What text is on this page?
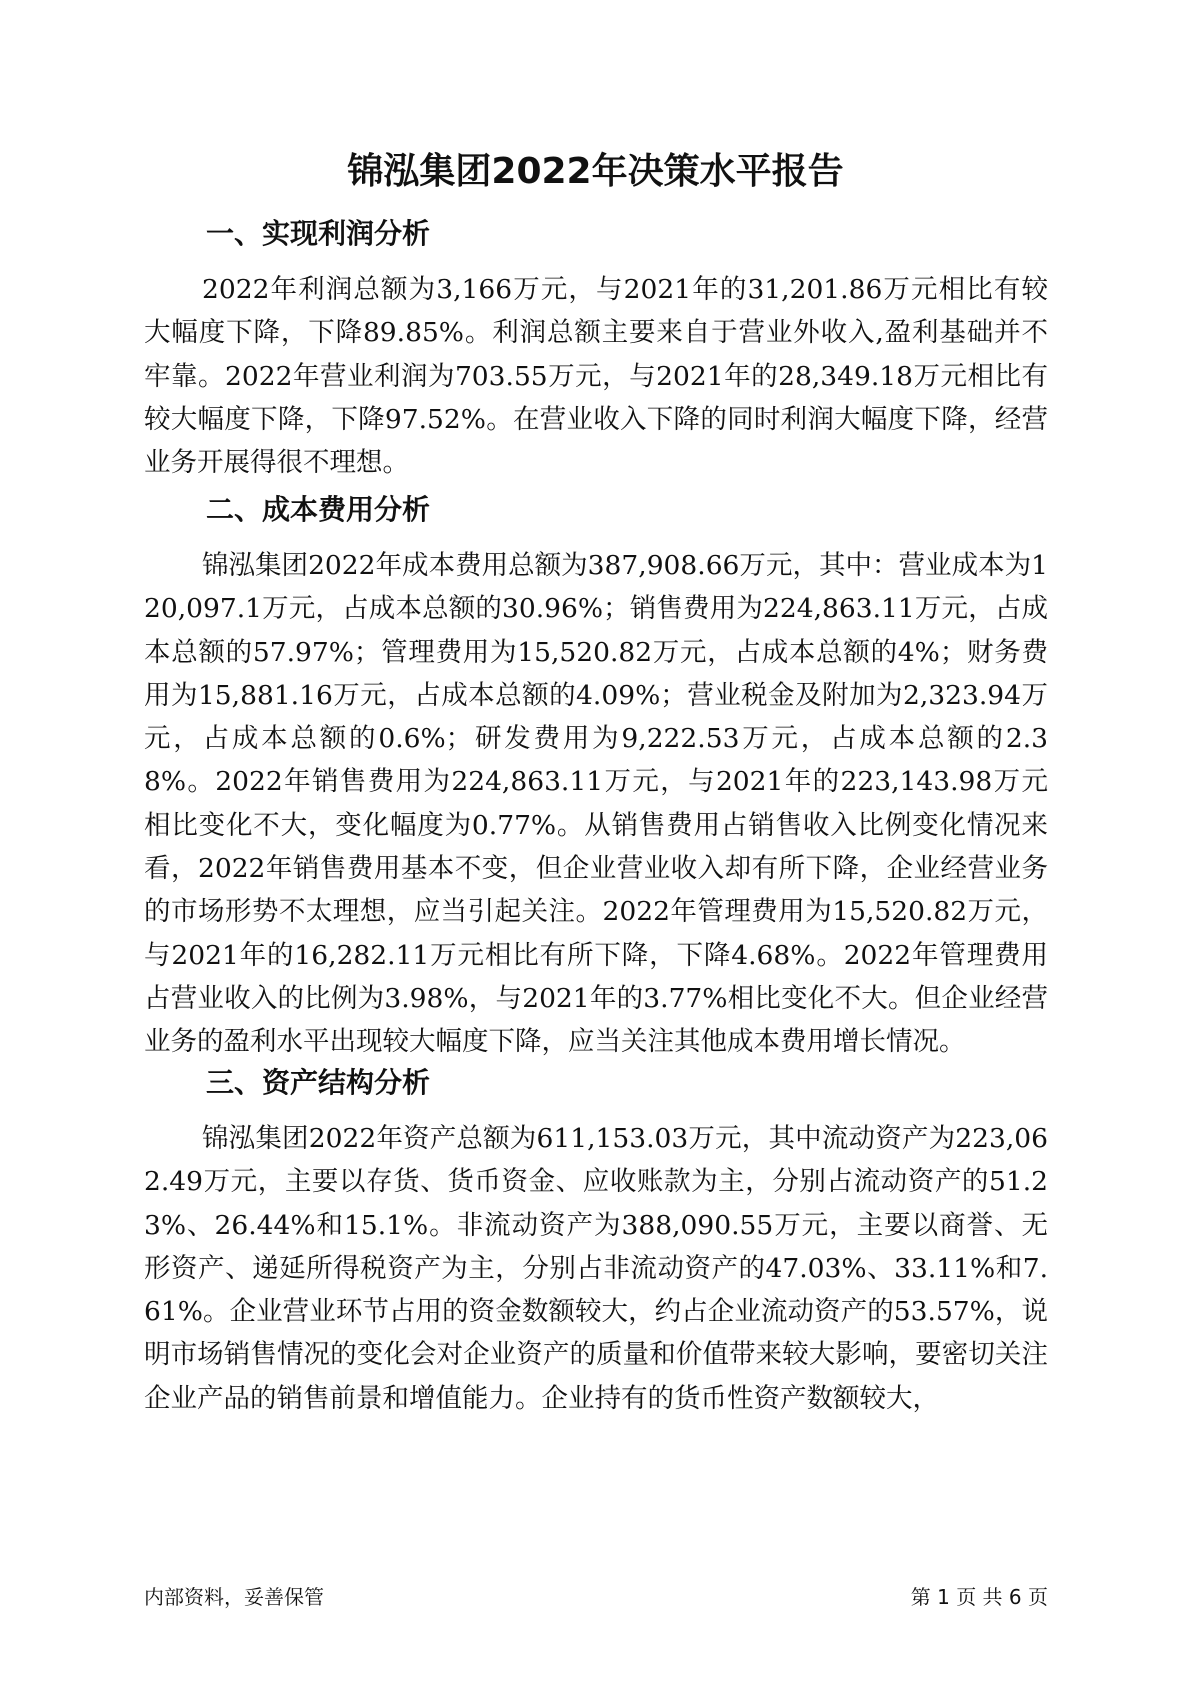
锦泓集团2022年决策水平报告
一、实现利润分析

2022年利润总额为3,166万元，与2021年的31,201.86万元相比有较大幅度下降，下降89.85%。利润总额主要来自于营业外收入,盈利基础并不牢靠。2022年营业利润为703.55万元，与2021年的28,349.18万元相比有较大幅度下降，下降97.52%。在营业收入下降的同时利润大幅度下降，经营业务开展得很不理想。

二、成本费用分析

锦泓集团2022年成本费用总额为387,908.66万元，其中：营业成本为120,097.1万元，占成本总额的30.96%；销售费用为224,863.11万元，占成本总额的57.97%；管理费用为15,520.82万元，占成本总额的4%；财务费用为15,881.16万元，占成本总额的4.09%；营业税金及附加为2,323.94万元，占成本总额的0.6%；研发费用为9,222.53万元，占成本总额的2.38%。2022年销售费用为224,863.11万元，与2021年的223,143.98万元相比变化不大，变化幅度为0.77%。从销售费用占销售收入比例变化情况来看，2022年销售费用基本不变，但企业营业收入却有所下降，企业经营业务的市场形势不太理想，应当引起关注。2022年管理费用为15,520.82万元，与2021年的16,282.11万元相比有所下降，下降4.68%。2022年管理费用占营业收入的比例为3.98%，与2021年的3.77%相比变化不大。但企业经营业务的盈利水平出现较大幅度下降，应当关注其他成本费用增长情况。

三、资产结构分析

锦泓集团2022年资产总额为611,153.03万元，其中流动资产为223,062.49万元，主要以存货、货币资金、应收账款为主，分别占流动资产的51.23%、26.44%和15.1%。非流动资产为388,090.55万元，主要以商誉、无形资产、递延所得税资产为主，分别占非流动资产的47.03%、33.11%和7.61%。企业营业环节占用的资金数额较大，约占企业流动资产的53.57%，说明市场销售情况的变化会对企业资产的质量和价值带来较大影响，要密切关注企业产品的销售前景和增值能力。企业持有的货币性资产数额较大，

内部资料，妥善保管	第 1 页 共 6 页
